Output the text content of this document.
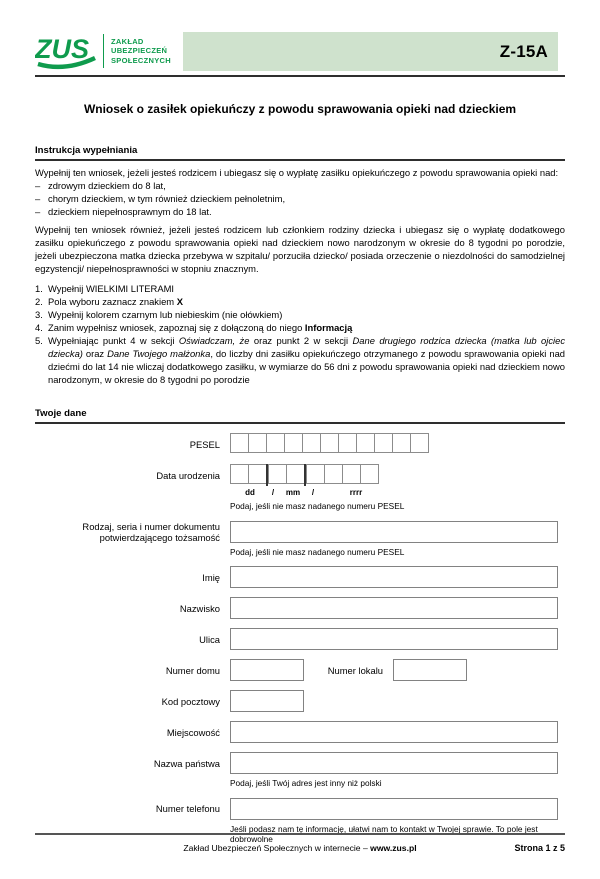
ZUS	ZAKŁAD
UBEZPIECZEŃ
SPOŁECZNYCH	Z-15A
Wniosek o zasiłek opiekuńczy z powodu sprawowania opieki nad dzieckiem
Instrukcja wypełniania
Wypełnij ten wniosek, jeżeli jesteś rodzicem i ubiegasz się o wypłatę zasiłku opiekuńczego z powodu sprawowania opieki nad:
– zdrowym dzieckiem do 8 lat,
– chorym dzieckiem, w tym również dzieckiem pełnoletnim,
– dzieckiem niepełnosprawnym do 18 lat.
Wypełnij ten wniosek również, jeżeli jesteś rodzicem lub członkiem rodziny dziecka i ubiegasz się o wypłatę dodatkowego zasiłku opiekuńczego z powodu sprawowania opieki nad dzieckiem nowo narodzonym w okresie do 8 tygodni po porodzie, jeżeli ubezpieczona matka dziecka przebywa w szpitalu/ porzuciła dziecko/ posiada orzeczenie o niezdolności do samodzielnej egzystencji/ niepełnosprawności w stopniu znacznym.
1. Wypełnij WIELKIMI LITERAMI
2. Pola wyboru zaznacz znakiem X
3. Wypełnij kolorem czarnym lub niebieskim (nie ołówkiem)
4. Zanim wypełnisz wniosek, zapoznaj się z dołączoną do niego Informacją
5. Wypełniając punkt 4 w sekcji Oświadczam, że oraz punkt 2 w sekcji Dane drugiego rodzica dziecka (matka lub ojciec dziecka) oraz Dane Twojego małżonka, do liczby dni zasiłku opiekuńczego otrzymanego z powodu sprawowania opieki nad dziećmi do lat 14 nie wliczaj dodatkowego zasiłku, w wymiarze do 56 dni z powodu sprawowania opieki nad dzieckiem nowo narodzonym, w okresie do 8 tygodni po porodzie
Twoje dane
PESEL
Data urodzenia
dd	/	mm	/	rrrr
Podaj, jeśli nie masz nadanego numeru PESEL
Rodzaj, seria i numer dokumentu
potwierdzającego tożsamość
Podaj, jeśli nie masz nadanego numeru PESEL
Imię
Nazwisko
Ulica
Numer domu	Numer lokalu
Kod pocztowy
Miejscowość
Nazwa państwa
Podaj, jeśli Twój adres jest inny niż polski
Numer telefonu
Jeśli podasz nam tę informację, ułatwi nam to kontakt w Twojej sprawie. To pole jest dobrowolne
Zakład Ubezpieczeń Społecznych w internecie – www.zus.pl	Strona 1 z 5
